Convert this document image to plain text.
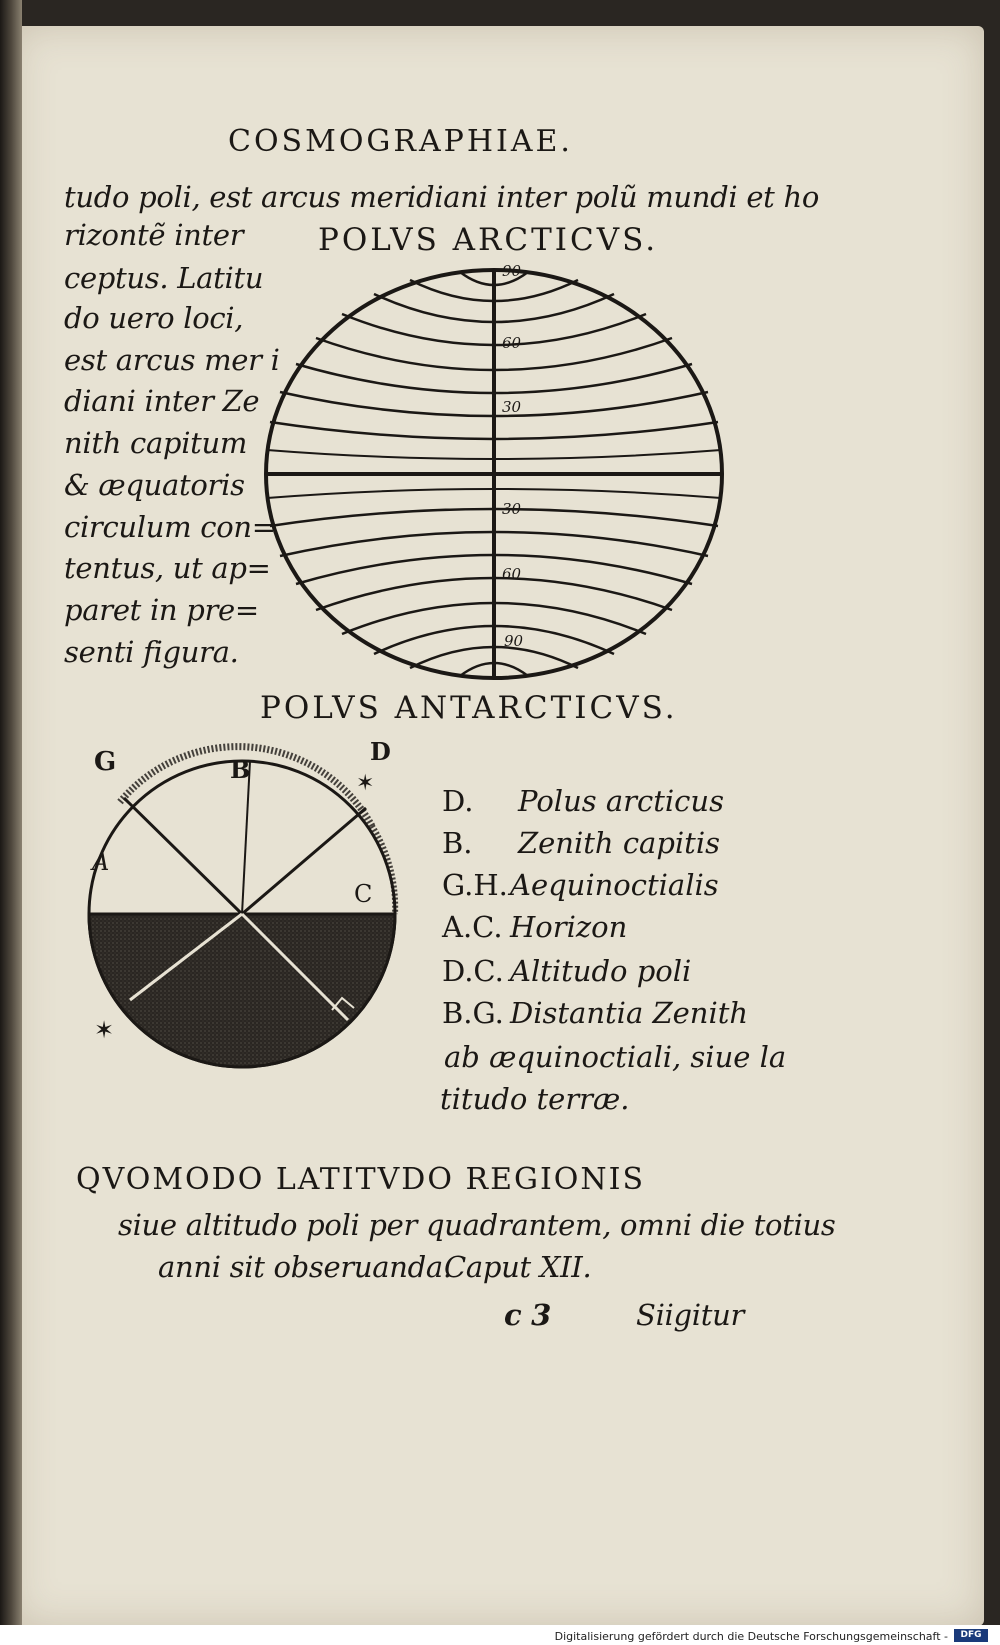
COSMOGRAPHIAE.
tudo poli, est arcus meridiani inter polũ mundi et ho
rizontẽ inter
ceptus. Latitu
do uero loci,
est arcus mer i
diani inter Ze
nith capitum
& æquatoris
circulum con=
tentus, ut ap=
paret in pre=
senti figura.
POLVS ARCTICVS.
90
60
30
30
60
90
POLVS ANTARCTICVS.
G	B
D
✶
A
C
✶
D. Polus arcticus
B. Zenith capitis
G.H. Aequinoctialis
A.C. Horizon
D.C. Altitudo poli
B.G. Distantia Zenith
ab æquinoctiali, siue la
titudo terræ.
QVOMODO LATITVDO REGIONIS
siue altitudo poli per quadrantem, omni die totius
anni sit obseruanda.
Caput XII.
c 3	Siigitur
Digitalisierung gefördert durch die Deutsche Forschungsgemeinschaft -	DFG
